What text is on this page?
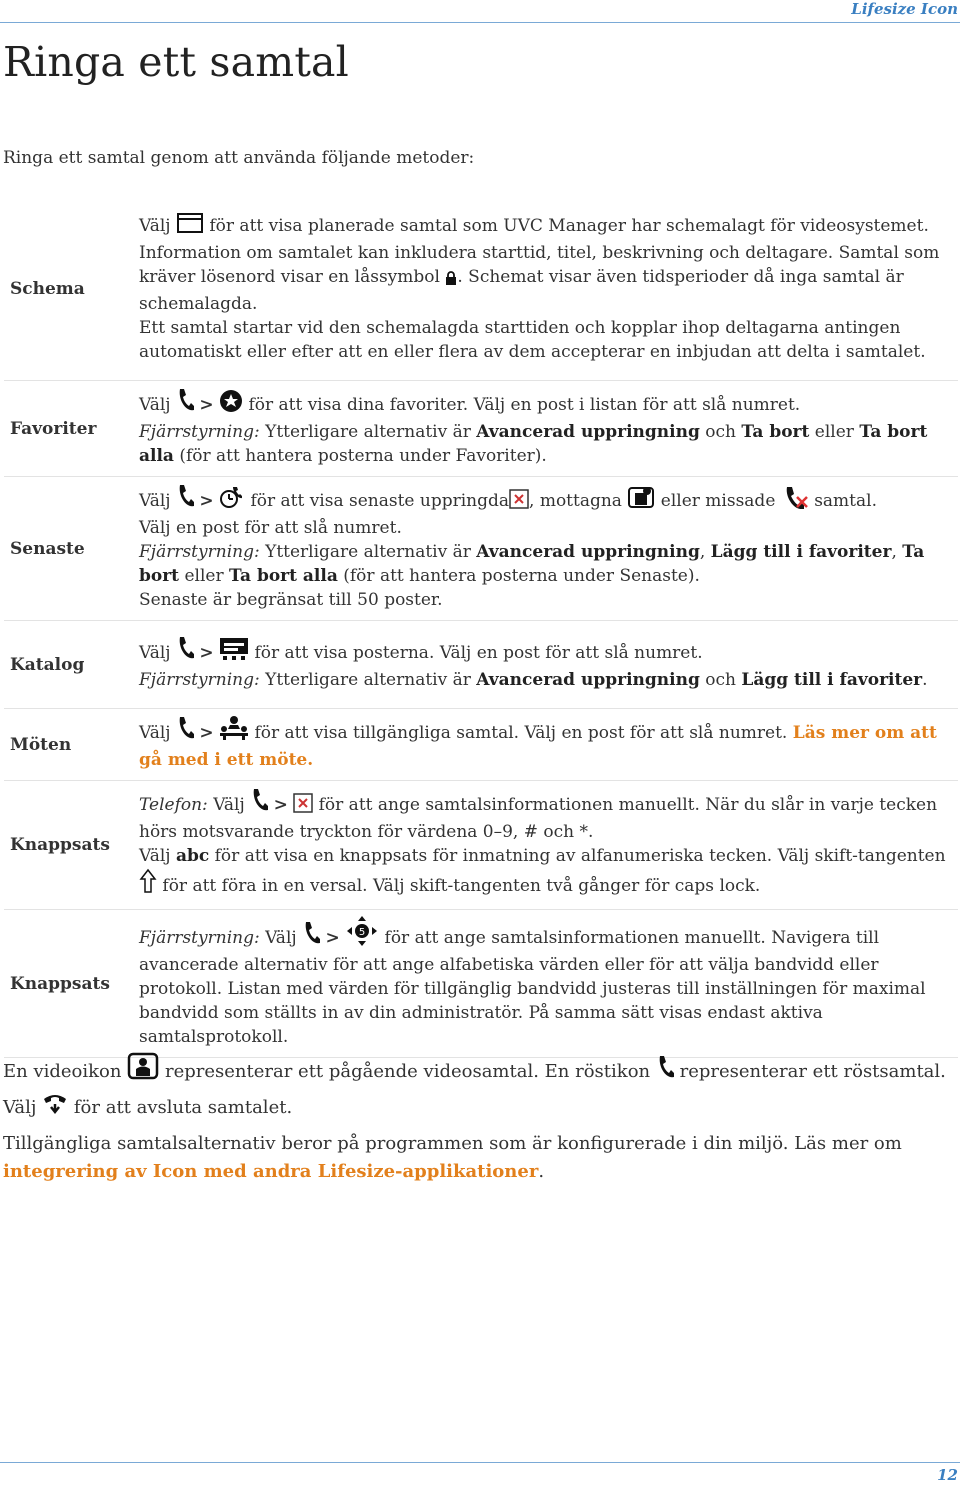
Lifesize Icon
Ringa ett samtal
Ringa ett samtal genom att använda följande metoder:
Schema	Välj för att visa planerade samtal som UVC Manager har schemalagt för videosystemet. Information om samtalet kan inkludera starttid, titel, beskrivning och deltagare. Samtal som kräver lösenord visar en låssymbol . Schemat visar även tidsperioder då inga samtal är schemalagda.
Ett samtal startar vid den schemalagda starttiden och kopplar ihop deltagarna antingen automatiskt eller efter att en eller flera av dem accepterar en inbjudan att delta i samtalet.
Favoriter	Välj > för att visa dina favoriter. Välj en post i listan för att slå numret.
Fjärrstyrning: Ytterligare alternativ är Avancerad uppringning och Ta bort eller Ta bort alla (för att hantera posterna under Favoriter).
Senaste	Välj > för att visa senaste uppringda , mottagna eller missade samtal.
Välj en post för att slå numret.
Fjärrstyrning: Ytterligare alternativ är Avancerad uppringning, Lägg till i favoriter, Ta bort eller Ta bort alla (för att hantera posterna under Senaste).
Senaste är begränsat till 50 poster.
Katalog	Välj > för att visa posterna. Välj en post för att slå numret.
Fjärrstyrning: Ytterligare alternativ är Avancerad uppringning och Lägg till i favoriter.
Möten	Välj > för att visa tillgängliga samtal. Välj en post för att slå numret. Läs mer om att gå med i ett möte.
Knappsats	Telefon: Välj > för att ange samtalsinformationen manuellt. När du slår in varje tecken hörs motsvarande tryckton för värdena 0–9, # och *.
Välj abc för att visa en knappsats för inmatning av alfanumeriska tecken. Välj skift-tangenten  för att föra in en versal. Välj skift-tangenten två gånger för caps lock.
Knappsats	Fjärrstyrning: Välj > 5 för att ange samtalsinformationen manuellt. Navigera till avancerade alternativ för att ange alfabetiska värden eller för att välja bandvidd eller protokoll. Listan med värden för tillgänglig bandvidd justeras till inställningen för maximal bandvidd som ställts in av din administratör. På samma sätt visas endast aktiva samtalsprotokoll.
En videoikon representerar ett pågående videosamtal. En röstikon representerar ett röstsamtal. Välj för att avsluta samtalet.
Tillgängliga samtalsalternativ beror på programmen som är konfigurerade i din miljö. Läs mer om integrering av Icon med andra Lifesize-applikationer.
12
